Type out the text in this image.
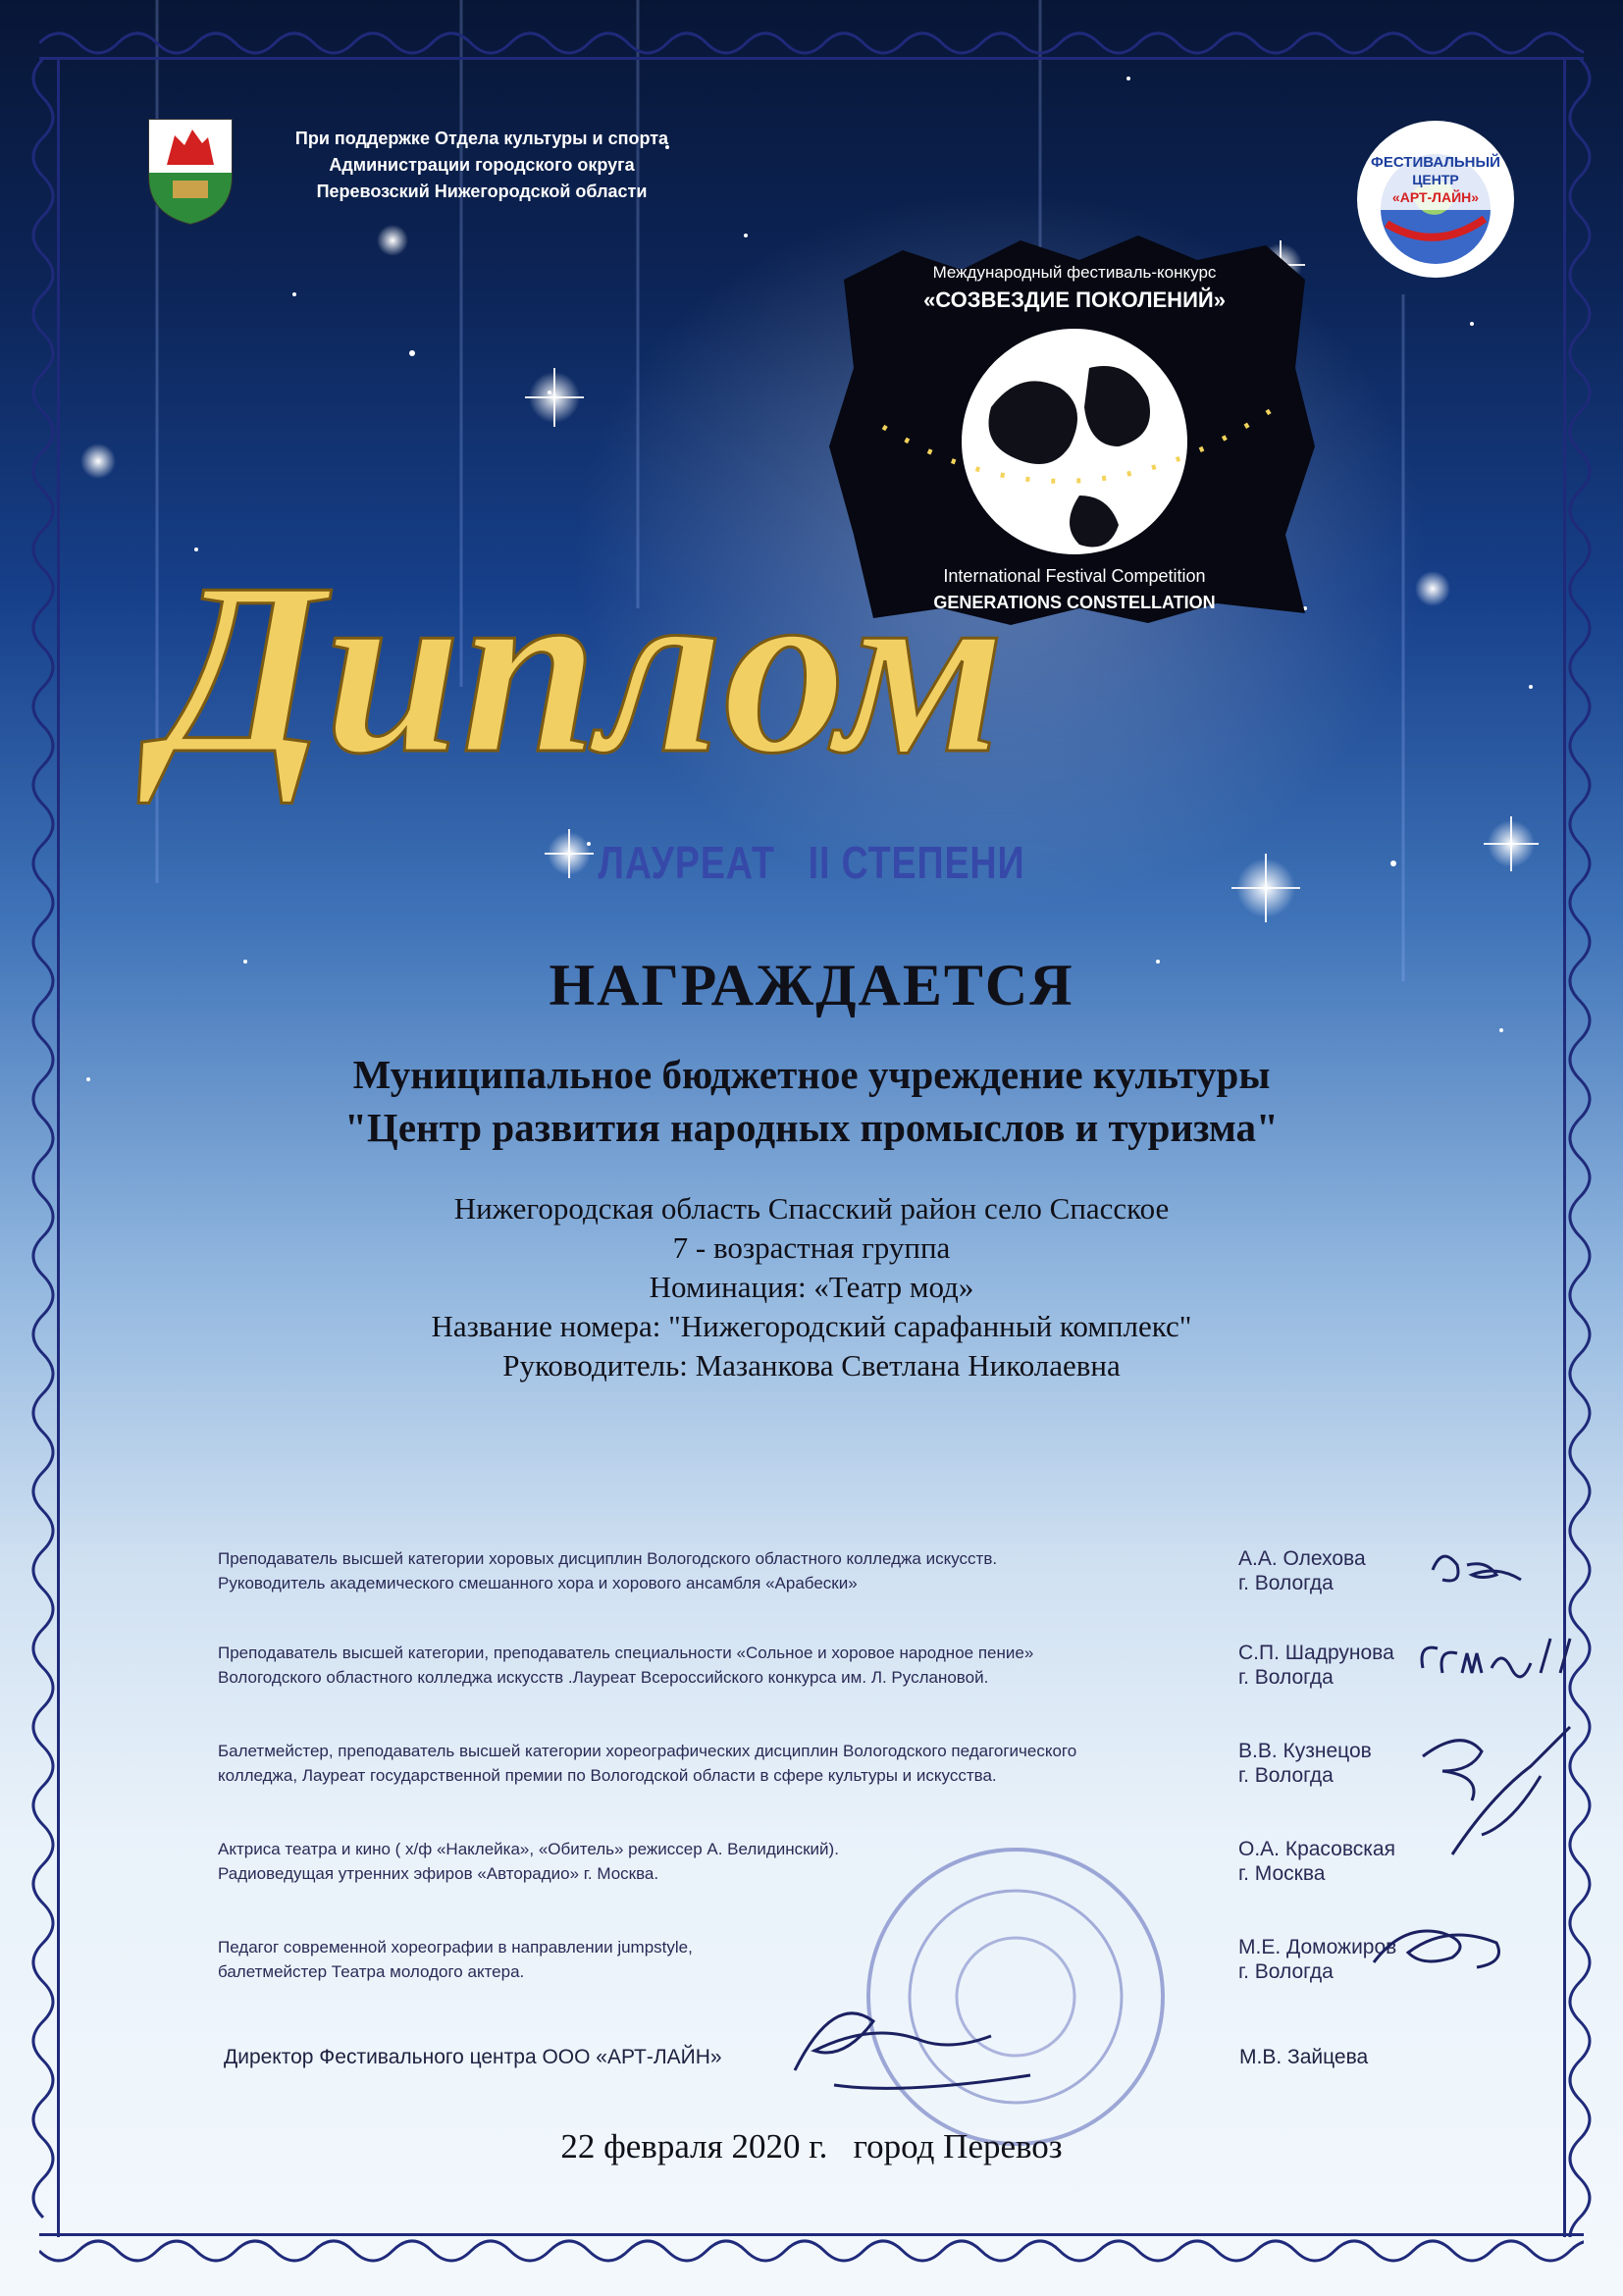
При поддержке Отдела культуры и спорта
Администрации городского округа
Перевозский Нижегородской области
ФЕСТИВАЛЬНЫЙ
ЦЕНТР
«АРТ-ЛАЙН»
Международный фестиваль-конкурс
«СОЗВЕЗДИЕ ПОКОЛЕНИЙ»
International Festival Competition
GENERATIONS CONSTELLATION
Диплом
ЛАУРЕАТ II СТЕПЕНИ
НАГРАЖДАЕТСЯ
Муниципальное бюджетное учреждение культуры
"Центр развития народных промыслов и туризма"
Нижегородская область Спасский район село Спасское
7 - возрастная группа
Номинация: «Театр мод»
Название номера: "Нижегородский сарафанный комплекс"
Руководитель: Мазанкова Светлана Николаевна
Преподаватель высшей категории хоровых дисциплин Вологодского областного колледжа искусств.
Руководитель академического смешанного хора и хорового ансамбля «Арабески»
А.А. Олехова
г. Вологда
Преподаватель высшей категории, преподаватель специальности «Сольное и хоровое народное пение»
Вологодского областного колледжа искусств .Лауреат Всероссийского конкурса им. Л. Руслановой.
С.П. Шадрунова
г. Вологда
Балетмейстер, преподаватель высшей категории хореографических дисциплин Вологодского педагогического
колледжа, Лауреат государственной премии по Вологодской области в сфере культуры и искусства.
В.В. Кузнецов
г. Вологда
Актриса театра и кино ( х/ф «Наклейка», «Обитель» режиссер А. Велидинский).
Радиоведущая утренних эфиров «Авторадио» г. Москва.
О.А. Красовская
г. Москва
Педагог современной хореографии в направлении jumpstyle,
балетмейстер Театра молодого актера.
М.Е. Доможиров
г. Вологда
Директор Фестивального центра ООО «АРТ-ЛАЙН»	М.В. Зайцева
22 февраля 2020 г.   город Перевоз
